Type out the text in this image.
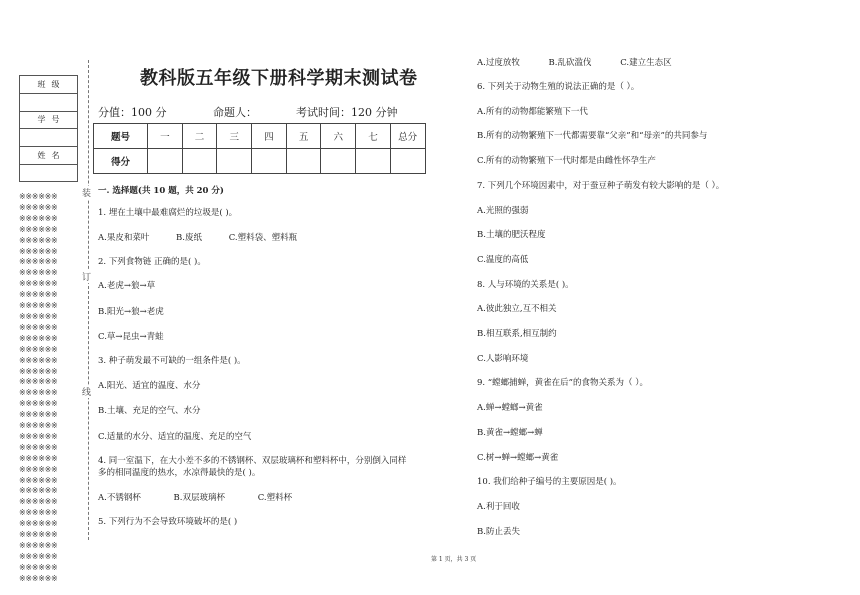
班级
学号
姓名
※※※※※※
※※※※※※
※※※※※※
※※※※※※
※※※※※※
※※※※※※
※※※※※※
※※※※※※
※※※※※※
※※※※※※
※※※※※※
※※※※※※
※※※※※※
※※※※※※
※※※※※※
※※※※※※
※※※※※※
※※※※※※
※※※※※※
※※※※※※
※※※※※※
※※※※※※
※※※※※※
※※※※※※
※※※※※※
※※※※※※
※※※※※※
※※※※※※
※※※※※※
※※※※※※
※※※※※※
※※※※※※
※※※※※※
※※※※※※
※※※※※※
※※※※※※
装
订
线
教科版五年级下册科学期末测试卷
分值：100 分	命题人：	考试时间：120 分钟
题号	一	二	三	四	五	六	七	总分
得分								
一. 选择题(共 10 题，共 20 分)
1. 埋在土壤中最难腐烂的垃圾是( )。
A.果皮和菜叶	B.废纸	C.塑料袋、塑料瓶
2. 下列食物链 正确的是( )。
A.老虎→狼→草
B.阳光→狼→老虎
C.草→昆虫→青蛙
3. 种子萌发最不可缺的一组条件是( )。
A.阳光、适宜的温度、水分
B.土壤、充足的空气、水分
C.适量的水分、适宜的温度、充足的空气
4. 同一室温下，在大小差不多的不锈钢杯、双层玻璃杯和塑料杯中，分别倒入同样
多的相同温度的热水，水凉得最快的是( )。
A.不锈钢杯	B.双层玻璃杯	C.塑料杯
5. 下列行为不会导致环境破坏的是( )
A.过度放牧	B.乱砍滥伐	C.建立生态区
6. 下列关于动物生殖的说法正确的是（ ）。
A.所有的动物都能繁殖下一代
B.所有的动物繁殖下一代都需要靠“父亲”和“母亲”的共同参与
C.所有的动物繁殖下一代时都是由雌性怀孕生产
7. 下列几个环境因素中，对于蚕豆种子萌发有较大影响的是（ ）。
A.光照的强弱
B.土壤的肥沃程度
C.温度的高低
8. 人与环境的关系是( )。
A.彼此独立,互不相关
B.相互联系,相互制约
C.人影响环境
9. “螳螂捕蝉，黄雀在后”的食物关系为（ ）。
A.蝉→螳螂→黄雀
B.黄雀→螳螂→蝉
C.树→蝉→螳螂→黄雀
10. 我们给种子编号的主要原因是( )。
A.利于回收
B.防止丢失
第 1 页，共 3 页
